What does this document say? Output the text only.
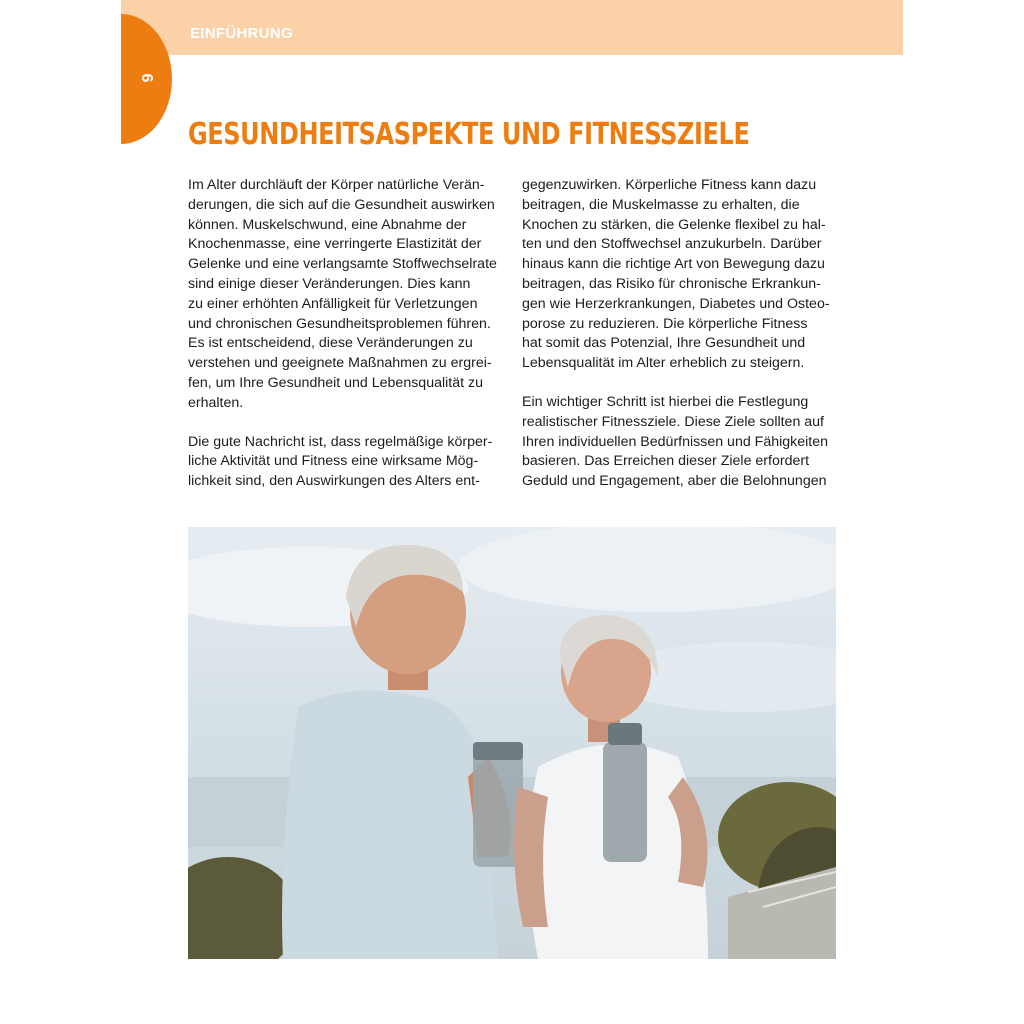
EINFÜHRUNG
6
GESUNDHEITSASPEKTE UND FITNESSZIELE
Im Alter durchläuft der Körper natürliche Verän-
derungen, die sich auf die Gesundheit auswirken
können. Muskelschwund, eine Abnahme der
Knochenmasse, eine verringerte Elastizität der
Gelenke und eine verlangsamte Stoffwechselrate
sind einige dieser Veränderungen. Dies kann
zu einer erhöhten Anfälligkeit für Verletzungen
und chronischen Gesundheitsproblemen führen.
Es ist entscheidend, diese Veränderungen zu
verstehen und geeignete Maßnahmen zu ergrei-
fen, um Ihre Gesundheit und Lebensqualität zu
erhalten.
Die gute Nachricht ist, dass regelmäßige körper-
liche Aktivität und Fitness eine wirksame Mög-
lichkeit sind, den Auswirkungen des Alters ent-
gegenzuwirken. Körperliche Fitness kann dazu
beitragen, die Muskelmasse zu erhalten, die
Knochen zu stärken, die Gelenke flexibel zu hal-
ten und den Stoffwechsel anzukurbeln. Darüber
hinaus kann die richtige Art von Bewegung dazu
beitragen, das Risiko für chronische Erkrankun-
gen wie Herzerkrankungen, Diabetes und Osteo-
porose zu reduzieren. Die körperliche Fitness
hat somit das Potenzial, Ihre Gesundheit und
Lebensqualität im Alter erheblich zu steigern.
Ein wichtiger Schritt ist hierbei die Festlegung
realistischer Fitnessziele. Diese Ziele sollten auf
Ihren individuellen Bedürfnissen und Fähigkeiten
basieren. Das Erreichen dieser Ziele erfordert
Geduld und Engagement, aber die Belohnungen
